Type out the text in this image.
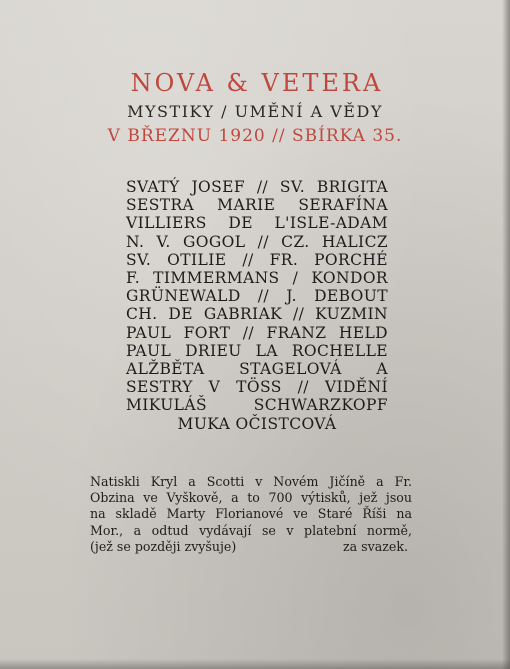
NOVA & VETERA

MYSTIKY / UMĚNÍ A VĚDY

V BŘEZNU 1920 // SBÍRKA 35.

SVATÝ JOSEF // SV. BRIGITA
SESTRA MARIE SERAFÍNA
VILLIERS DE L'ISLE-ADAM
N. V. GOGOL // CZ. HALICZ
SV. OTILIE // FR. PORCHÉ
F. TIMMERMANS / KONDOR
GRÜNEWALD // J. DEBOUT
CH. DE GABRIAK // KUZMIN
PAUL FORT // FRANZ HELD
PAUL DRIEU LA ROCHELLE
ALŽBĚTA STAGELOVÁ A
SESTRY V TÖSS // VIDĚNÍ
MIKULÁŠ SCHWARZKOPF
MUKA OČISTCOVÁ
Natiskli Kryl a Scotti v Novém Jičíně a Fr.
Obzina ve Vyškově, a to 700 výtisků, jež jsou
na skladě Marty Florianové ve Staré Říši na
Mor., a odtud vydávají se v platební normě,
(jež se později zvyšuje)	za svazek.
